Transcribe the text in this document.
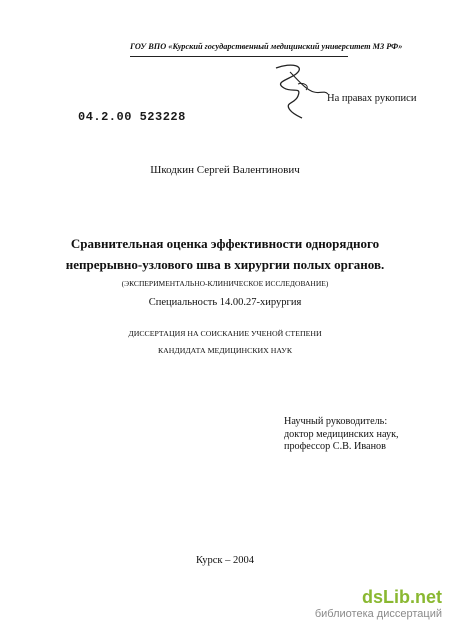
ГОУ ВПО «Курский государственный медицинский университет МЗ РФ»
На правах рукописи
04.2.00 523228
Шкодкин Сергей Валентинович
Сравнительная оценка эффективности однорядного
непрерывно-узлового шва в хирургии полых органов.
(ЭКСПЕРИМЕНТАЛЬНО-КЛИНИЧЕСКОЕ ИССЛЕДОВАНИЕ)
Специальность 14.00.27-хирургия
ДИССЕРТАЦИЯ НА СОИСКАНИЕ УЧЕНОЙ СТЕПЕНИ
КАНДИДАТА МЕДИЦИНСКИХ НАУК
Научный руководитель:
доктор медицинских наук,
профессор С.В. Иванов
Курск – 2004
dsLib.net
библиотека диссертаций
